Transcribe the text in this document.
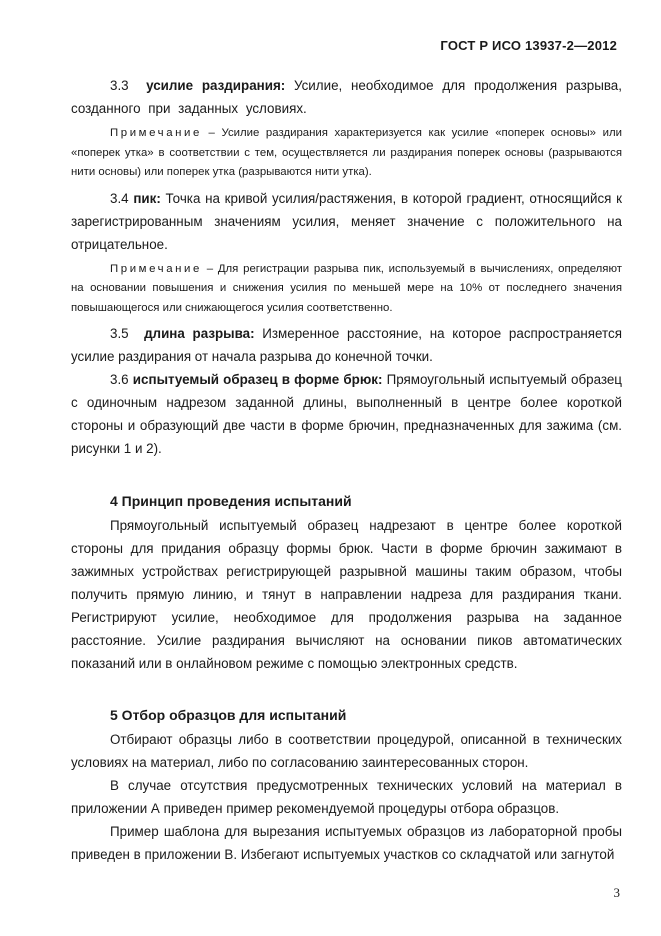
ГОСТ Р ИСО 13937-2—2012

3.3 усилие раздирания: Усилие, необходимое для продолжения разрыва, созданного при заданных условиях.

Примечание – Усилие раздирания характеризуется как усилие «поперек основы» или «поперек утка» в соответствии с тем, осуществляется ли раздирания поперек основы (разрываются нити основы) или поперек утка (разрываются нити утка).

3.4 пик: Точка на кривой усилия/растяжения, в которой градиент, относящийся к зарегистрированным значениям усилия, меняет значение с положительного на отрицательное.

Примечание – Для регистрации разрыва пик, используемый в вычислениях, определяют на основании повышения и снижения усилия по меньшей мере на 10% от последнего значения повышающегося или снижающегося усилия соответственно.

3.5 длина разрыва: Измеренное расстояние, на которое распространяется усилие раздирания от начала разрыва до конечной точки.

3.6 испытуемый образец в форме брюк: Прямоугольный испытуемый образец с одиночным надрезом заданной длины, выполненный в центре более короткой стороны и образующий две части в форме брючин, предназначенных для зажима (см. рисунки 1 и 2).

4 Принцип проведения испытаний

Прямоугольный испытуемый образец надрезают в центре более короткой стороны для придания образцу формы брюк. Части в форме брючин зажимают в зажимных устройствах регистрирующей разрывной машины таким образом, чтобы получить прямую линию, и тянут в направлении надреза для раздирания ткани. Регистрируют усилие, необходимое для продолжения разрыва на заданное расстояние. Усилие раздирания вычисляют на основании пиков автоматических показаний или в онлайновом режиме с помощью электронных средств.

5 Отбор образцов для испытаний

Отбирают образцы либо в соответствии процедурой, описанной в технических условиях на материал, либо по согласованию заинтересованных сторон.

В случае отсутствия предусмотренных технических условий на материал в приложении А приведен пример рекомендуемой процедуры отбора образцов.

Пример шаблона для вырезания испытуемых образцов из лабораторной пробы приведен в приложении В. Избегают испытуемых участков со складчатой или загнутой

3
